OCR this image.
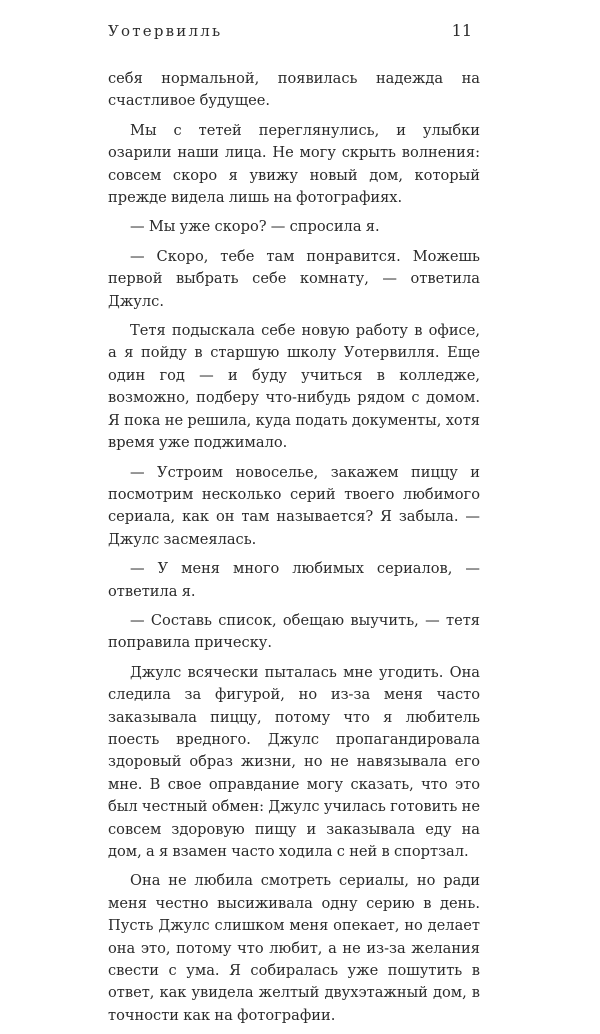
Уотервилль	11

себя нормальной, появилась надежда на счастливое будущее.

Мы с тетей переглянулись, и улыбки озарили наши лица. Не могу скрыть волнения: совсем скоро я увижу новый дом, который прежде видела лишь на фотографиях.

— Мы уже скоро? — спросила я.

— Скоро, тебе там понравится. Можешь первой выбрать себе комнату, — ответила Джулс.

Тетя подыскала себе новую работу в офисе, а я пойду в старшую школу Уотервилля. Еще один год — и буду учиться в колледже, возможно, подберу что-нибудь рядом с домом. Я пока не решила, куда подать документы, хотя время уже поджимало.

— Устроим новоселье, закажем пиццу и посмотрим несколько серий твоего любимого сериала, как он там называется? Я забыла. — Джулс засмеялась.

— У меня много любимых сериалов, — ответила я.

— Составь список, обещаю выучить, — тетя поправила прическу.

Джулс всячески пыталась мне угодить. Она следила за фигурой, но из-за меня часто заказывала пиццу, потому что я любитель поесть вредного. Джулс пропагандировала здоровый образ жизни, но не навязывала его мне. В свое оправдание могу сказать, что это был честный обмен: Джулс училась готовить не совсем здоровую пищу и заказывала еду на дом, а я взамен часто ходила с ней в спортзал.

Она не любила смотреть сериалы, но ради меня честно высиживала одну серию в день. Пусть Джулс слишком меня опекает, но делает она это, потому что любит, а не из-за желания свести с ума. Я собиралась уже пошутить в ответ, как увидела желтый двухэтажный дом, в точности как на фотографии.
